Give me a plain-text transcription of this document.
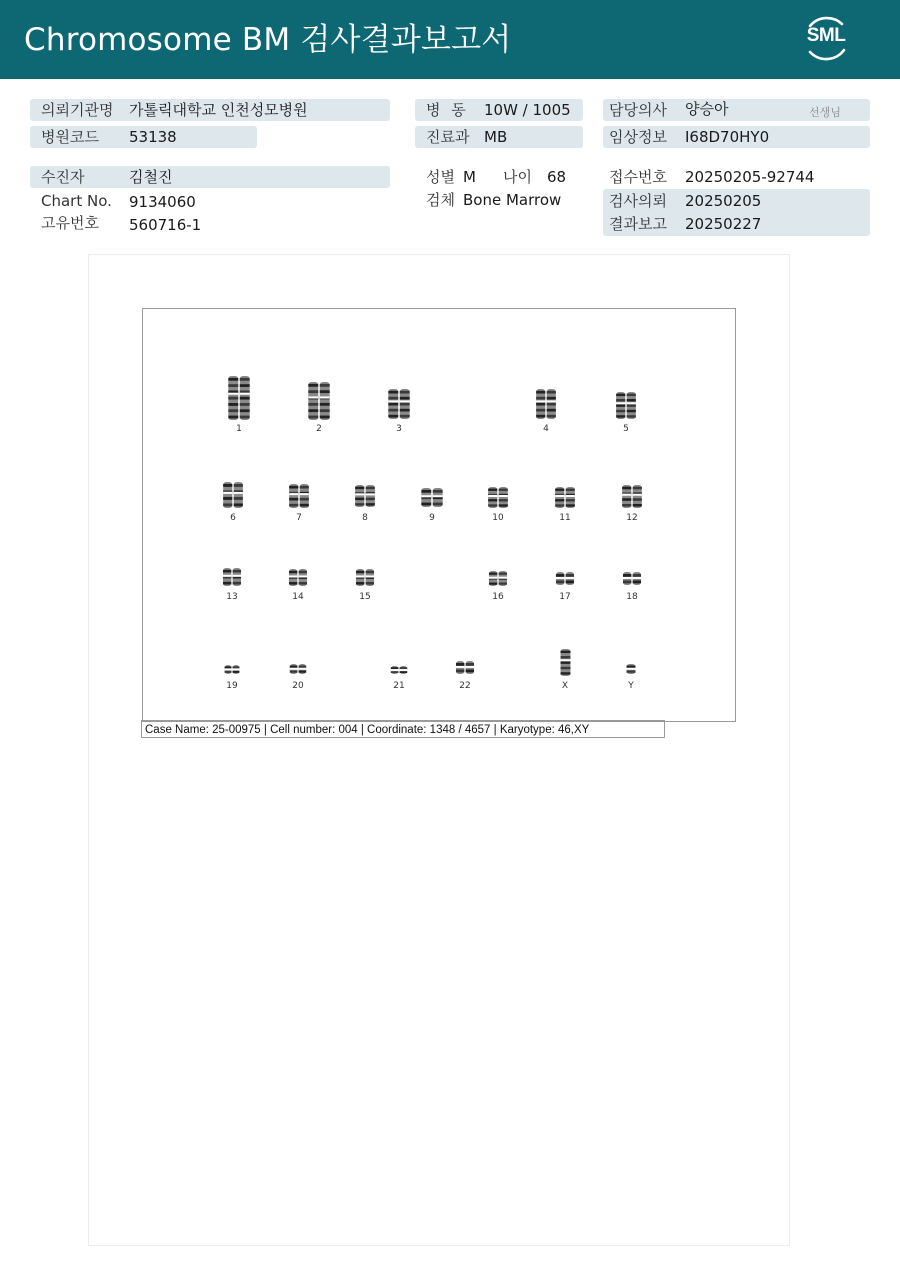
Chromosome BM 검사결과보고서	SML
의뢰기관명 가톨릭대학교 인천성모병원
병원코드 53138
수진자	김철진
Chart No. 9134060
고유번호 560716-1
병 동 10W / 1005
진료과 MB
성별 M 나이 68
검체 Bone Marrow
담당의사 양승아	선생님
임상정보 I68D70HY0
접수번호 20250205-92744
검사의뢰 20250205
결과보고 20250227
1	2	3	4	5
6	7	8	9	10	11	12
13	14	15	16	17	18
19	20	21	22	X	Y
Case Name: 25-00975 | Cell number: 004 | Coordinate: 1348 / 4657 | Karyotype: 46,XY
